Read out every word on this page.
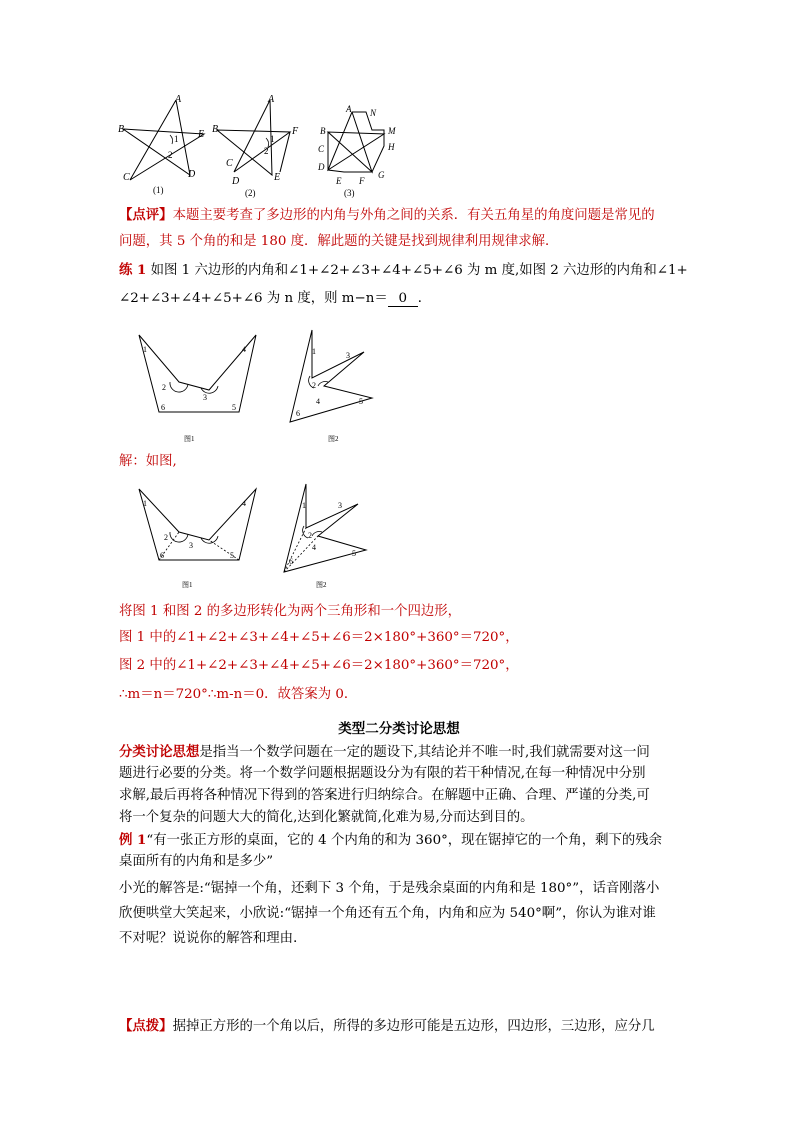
A
B	E
C	D
1
2
(1)
A
B	F
C
D	E
1
2
(2)
A N
B	M
C	H
D
E F
G
(3)
【点评】本题主要考查了多边形的内角与外角之间的关系．有关五角星的角度问题是常见的
问题，其 5 个角的和是 180 度．解此题的关键是找到规律利用规律求解．
练 1 如图 1 六边形的内角和∠1+∠2+∠3+∠4+∠5+∠6 为 m 度,如图 2 六边形的内角和∠1+
∠2+∠3+∠4+∠5+∠6 为 n 度，则 m−n＝ 0 ．
1
2
3
4
5
6
图1
1
2
3
4	5
6
图2
解：如图,
1
2
3
4
5
6
图1
1
2
3
4
5
6
图2
将图 1 和图 2 的多边形转化为两个三角形和一个四边形，
图 1 中的∠1+∠2+∠3+∠4+∠5+∠6＝2×180°+360°＝720°，
图 2 中的∠1+∠2+∠3+∠4+∠5+∠6＝2×180°+360°＝720°，
∴m＝n＝720°∴m-n＝0．故答案为 0．
类型二分类讨论思想
分类讨论思想是指当一个数学问题在一定的题设下,其结论并不唯一时,我们就需要对这一问
题进行必要的分类。将一个数学问题根据题设分为有限的若干种情况,在每一种情况中分别
求解,最后再将各种情况下得到的答案进行归纳综合。在解题中正确、合理、严谨的分类,可
将一个复杂的问题大大的简化,达到化繁就简,化难为易,分而达到目的。
例 1“有一张正方形的桌面，它的 4 个内角的和为 360°，现在锯掉它的一个角，剩下的残余
桌面所有的内角和是多少”
小光的解答是:“锯掉一个角，还剩下 3 个角，于是残余桌面的内角和是 180°”，话音刚落小
欣便哄堂大笑起来，小欣说:“锯掉一个角还有五个角，内角和应为 540°啊”，你认为谁对谁
不对呢？说说你的解答和理由．
【点拨】据掉正方形的一个角以后，所得的多边形可能是五边形，四边形，三边形，应分几
